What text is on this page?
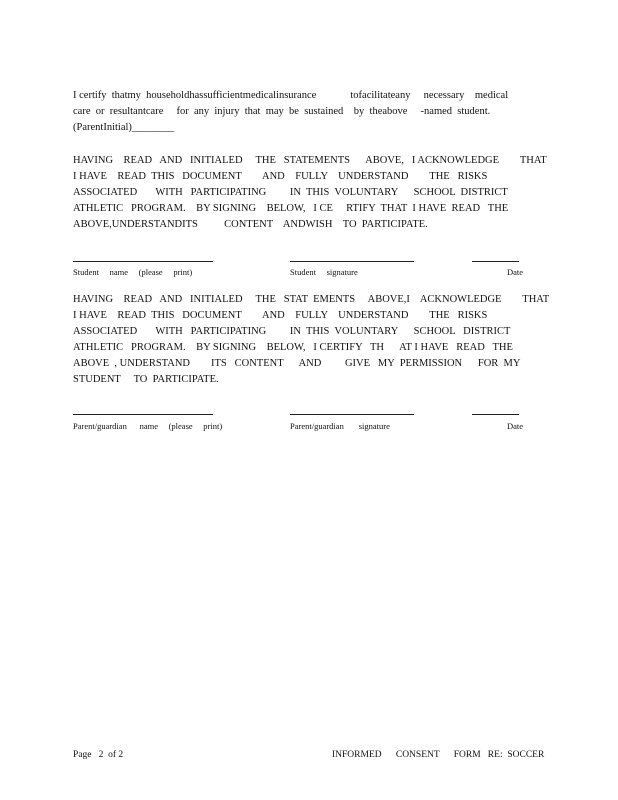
I certify  thatmy  householdhassufficientmedicalinsurance             tofacilitateany     necessary    medical
care  or  resultantcare     for  any  injury  that  may  be  sustained    by  theabove     -named  student.
(ParentInitial)________
HAVING    READ   AND   INITIALED     THE   STATEMENTS      ABOVE,   I ACKNOWLEDGE        THAT
I HAVE    READ  THIS   DOCUMENT        AND    FULLY    UNDERSTAND        THE   RISKS
ASSOCIATED       WITH   PARTICIPATING         IN  THIS  VOLUNTARY      SCHOOL  DISTRICT
ATHLETIC   PROGRAM.    BY SIGNING    BELOW,   I CE     RTIFY  THAT  I HAVE  READ   THE
ABOVE,UNDERSTANDITS          CONTENT    ANDWISH    TO  PARTICIPATE.
Student     name     (please     print)	Student     signature	Date
HAVING    READ   AND   INITIALED     THE   STAT  EMENTS     ABOVE,I    ACKNOWLEDGE        THAT
I HAVE    READ  THIS   DOCUMENT        AND    FULLY    UNDERSTAND        THE   RISKS
ASSOCIATED       WITH   PARTICIPATING         IN  THIS  VOLUNTARY      SCHOOL   DISTRICT
ATHLETIC   PROGRAM.    BY SIGNING    BELOW,   I CERTIFY   TH      AT I HAVE   READ   THE
ABOVE  , UNDERSTAND        ITS   CONTENT      AND         GIVE   MY  PERMISSION      FOR  MY
STUDENT     TO  PARTICIPATE.
Parent/guardian      name     (please     print)	Parent/guardian       signature	Date
Page   2  of 2	INFORMED      CONSENT      FORM   RE:  SOCCER
